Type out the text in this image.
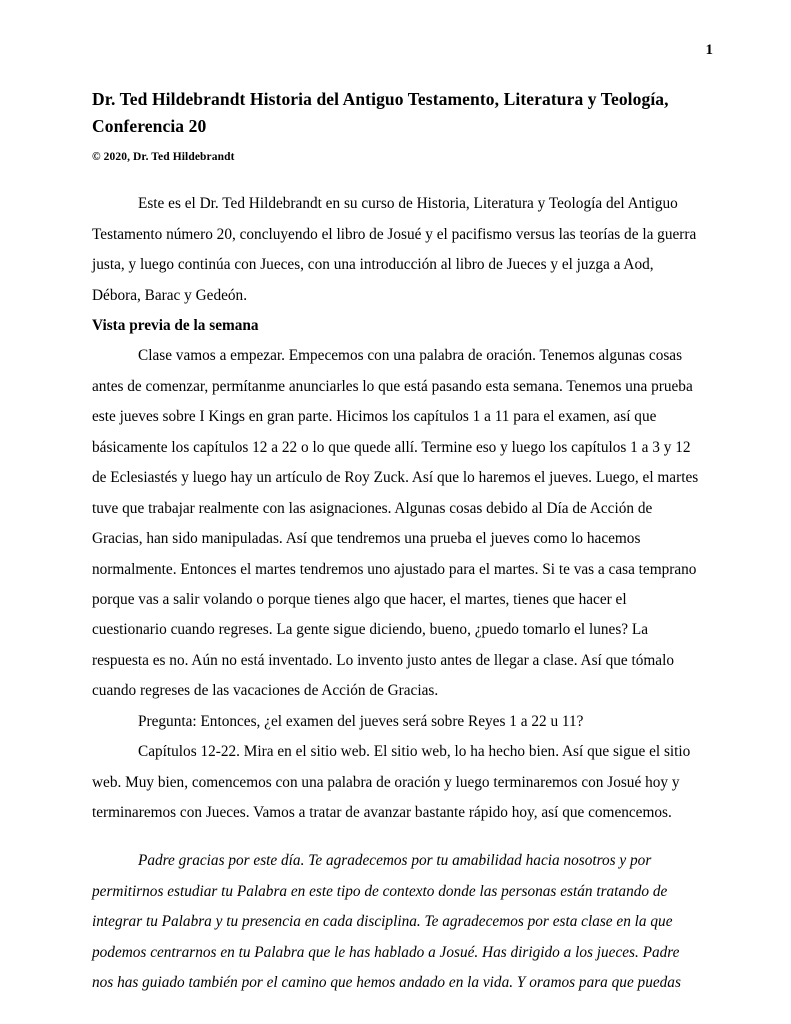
1
Dr. Ted Hildebrandt Historia del Antiguo Testamento, Literatura y Teología, Conferencia 20
© 2020, Dr. Ted Hildebrandt

Este es el Dr. Ted Hildebrandt en su curso de Historia, Literatura y Teología del Antiguo Testamento número 20, concluyendo el libro de Josué y el pacifismo versus las teorías de la guerra justa, y luego continúa con Jueces, con una introducción al libro de Jueces y el juzga a Aod, Débora, Barac y Gedeón.

Vista previa de la semana

Clase vamos a empezar. Empecemos con una palabra de oración. Tenemos algunas cosas antes de comenzar, permítanme anunciarles lo que está pasando esta semana. Tenemos una prueba este jueves sobre I Kings en gran parte. Hicimos los capítulos 1 a 11 para el examen, así que básicamente los capítulos 12 a 22 o lo que quede allí. Termine eso y luego los capítulos 1 a 3 y 12 de Eclesiastés y luego hay un artículo de Roy Zuck. Así que lo haremos el jueves. Luego, el martes tuve que trabajar realmente con las asignaciones. Algunas cosas debido al Día de Acción de Gracias, han sido manipuladas. Así que tendremos una prueba el jueves como lo hacemos normalmente. Entonces el martes tendremos uno ajustado para el martes. Si te vas a casa temprano porque vas a salir volando o porque tienes algo que hacer, el martes, tienes que hacer el cuestionario cuando regreses. La gente sigue diciendo, bueno, ¿puedo tomarlo el lunes? La respuesta es no. Aún no está inventado. Lo invento justo antes de llegar a clase. Así que tómalo cuando regreses de las vacaciones de Acción de Gracias.

Pregunta: Entonces, ¿el examen del jueves será sobre Reyes 1 a 22 u 11?

Capítulos 12-22. Mira en el sitio web. El sitio web, lo ha hecho bien. Así que sigue el sitio web. Muy bien, comencemos con una palabra de oración y luego terminaremos con Josué hoy y terminaremos con Jueces. Vamos a tratar de avanzar bastante rápido hoy, así que comencemos.

Padre gracias por este día. Te agradecemos por tu amabilidad hacia nosotros y por permitirnos estudiar tu Palabra en este tipo de contexto donde las personas están tratando de integrar tu Palabra y tu presencia en cada disciplina. Te agradecemos por esta clase en la que podemos centrarnos en tu Palabra que le has hablado a Josué. Has dirigido a los jueces. Padre nos has guiado también por el camino que hemos andado en la vida. Y oramos para que puedas
